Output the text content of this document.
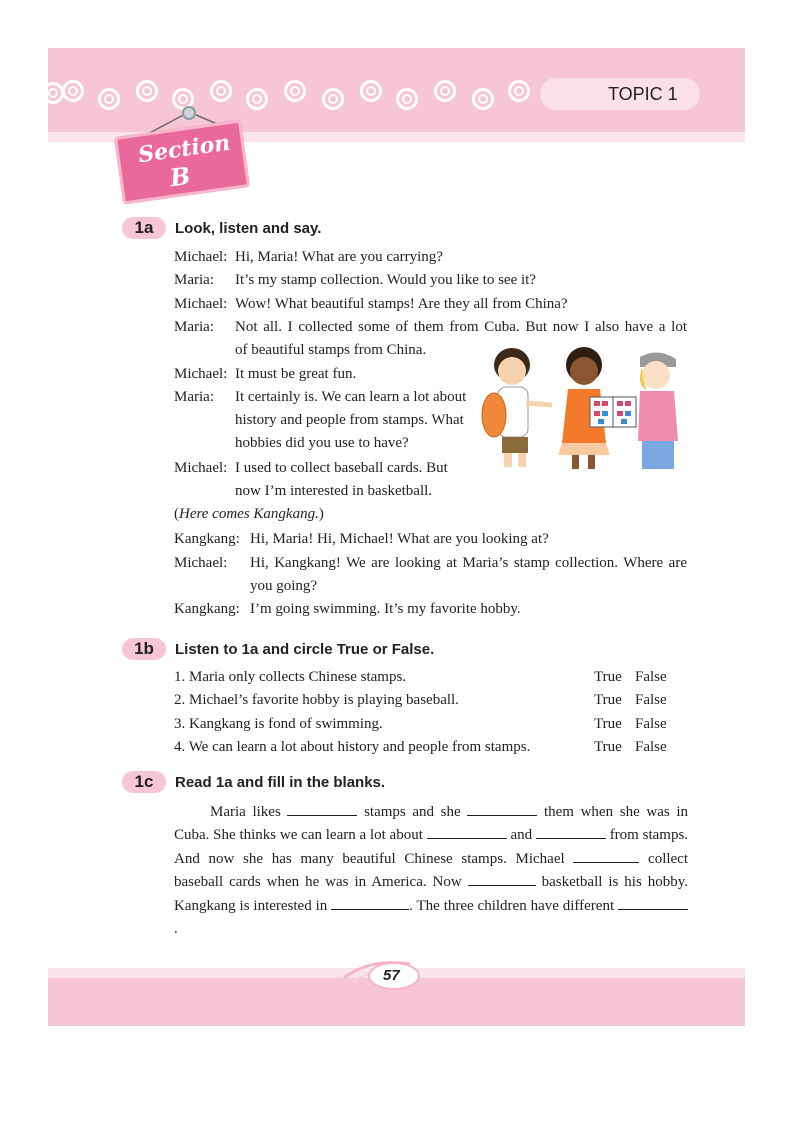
TOPIC 1
Section
B
1a	Look, listen and say.
Michael: Hi, Maria! What are you carrying?
Maria: It’s my stamp collection. Would you like to see it?
Michael: Wow! What beautiful stamps! Are they all from China?
Maria: Not all. I collected some of them from Cuba. But now I also have a lot
of beautiful stamps from China.
Michael: It must be great fun.
Maria: It certainly is. We can learn a lot about
history and people from stamps. What
hobbies did you use to have?
Michael: I used to collect baseball cards. But
now I’m interested in basketball.
(Here comes Kangkang.)
Kangkang: Hi, Maria! Hi, Michael! What are you looking at?
Michael: Hi, Kangkang! We are looking at Maria’s stamp collection. Where are
you going?
Kangkang: I’m going swimming. It’s my favorite hobby.
1b	Listen to 1a and circle True or False.
1. Maria only collects Chinese stamps.	True False
2. Michael’s favorite hobby is playing baseball.	True False
3. Kangkang is fond of swimming.	True False
4. We can learn a lot about history and people from stamps.	True False
1c	Read 1a and fill in the blanks.
Maria likes	stamps and she	them when she was in Cuba. She thinks we can learn a lot about	and	from stamps. And now she has many beautiful Chinese stamps. Michael	collect baseball cards when he was in America. Now	basketball is his hobby. Kangkang is interested in	. The three children have different .
57
